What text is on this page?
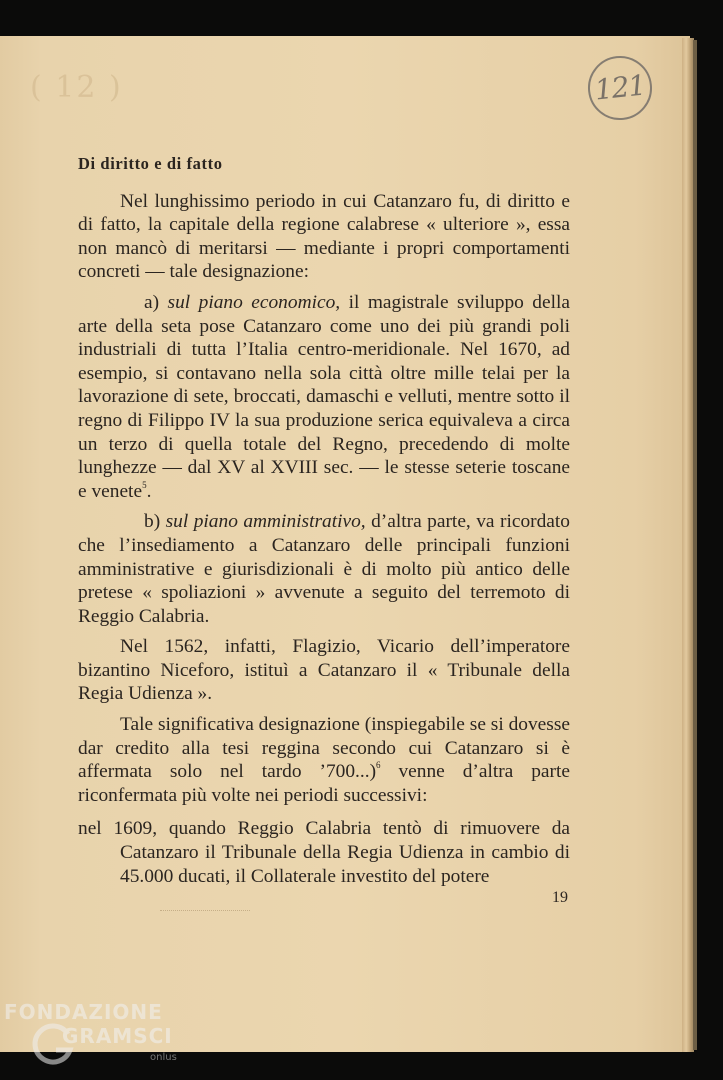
( 12 )	121
Di diritto e di fatto

Nel lunghissimo periodo in cui Catanzaro fu, di diritto e di fatto, la capitale della regione calabrese « ulteriore », essa non mancò di meritarsi — mediante i propri comportamenti concreti — tale designazione:

a) sul piano economico, il magistrale sviluppo della arte della seta pose Catanzaro come uno dei più grandi poli industriali di tutta l’Italia centro-meridionale. Nel 1670, ad esempio, si contavano nella sola città oltre mille telai per la lavorazione di sete, broccati, damaschi e velluti, mentre sotto il regno di Filippo IV la sua produzione serica equivaleva a circa un terzo di quella totale del Regno, precedendo di molte lunghezze — dal XV al XVIII sec. — le stesse seterie toscane e venete$^5$.

b) sul piano amministrativo, d’altra parte, va ricordato che l’insediamento a Catanzaro delle principali funzioni amministrative e giurisdizionali è di molto più antico delle pretese « spoliazioni » avvenute a seguito del terremoto di Reggio Calabria.

Nel 1562, infatti, Flagizio, Vicario dell’imperatore bizantino Niceforo, istituì a Catanzaro il « Tribunale della Regia Udienza ».

Tale significativa designazione (inspiegabile se si dovesse dar credito alla tesi reggina secondo cui Catanzaro si è affermata solo nel tardo ’700...)$^6$ venne d’altra parte riconfermata più volte nei periodi successivi:

nel 1609, quando Reggio Calabria tentò di rimuovere da Catanzaro il Tribunale della Regia Udienza in cambio di 45.000 ducati, il Collaterale investito del potere

19
FONDAZIONE
GRAMSCI
onlus
